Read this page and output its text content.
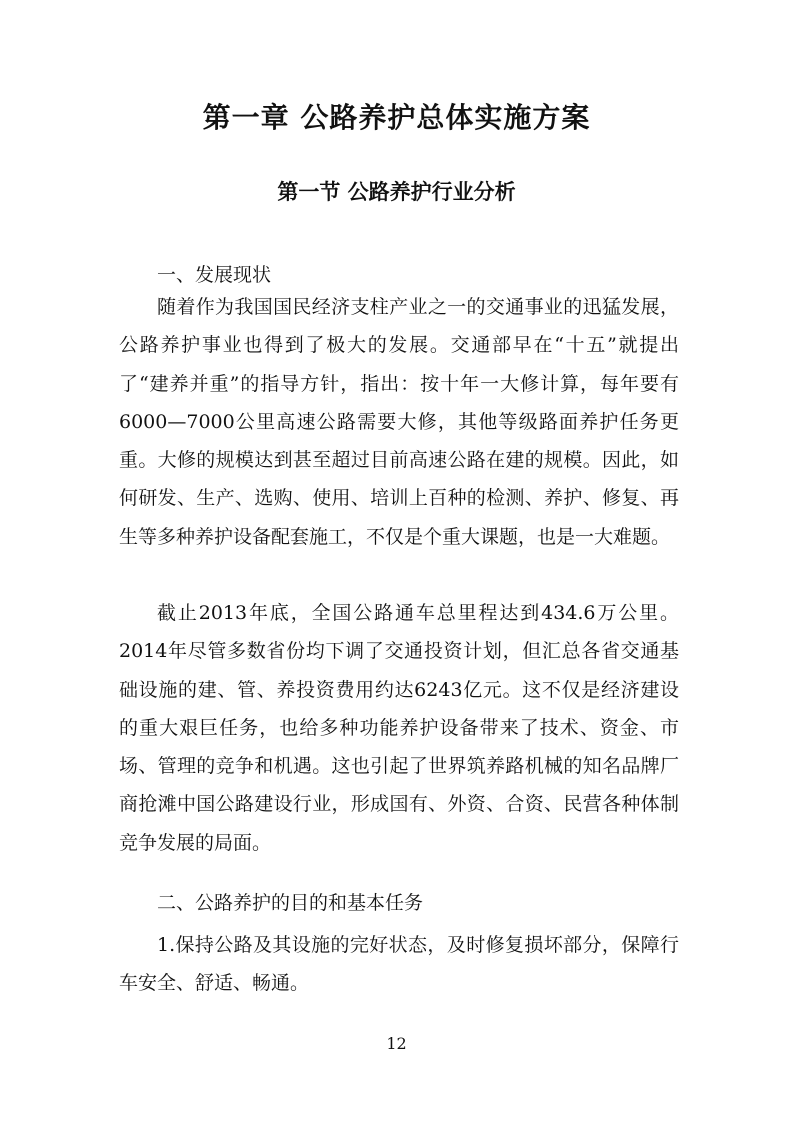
第一章 公路养护总体实施方案
第一节 公路养护行业分析

一、发展现状

随着作为我国国民经济支柱产业之一的交通事业的迅猛发展，公路养护事业也得到了极大的发展。交通部早在“十五”就提出了“建养并重”的指导方针，指出：按十年一大修计算，每年要有6000—7000公里高速公路需要大修，其他等级路面养护任务更重。大修的规模达到甚至超过目前高速公路在建的规模。因此，如何研发、生产、选购、使用、培训上百种的检测、养护、修复、再生等多种养护设备配套施工，不仅是个重大课题，也是一大难题。

截止2013年底，全国公路通车总里程达到434.6万公里。2014年尽管多数省份均下调了交通投资计划，但汇总各省交通基础设施的建、管、养投资费用约达6243亿元。这不仅是经济建设的重大艰巨任务，也给多种功能养护设备带来了技术、资金、市场、管理的竞争和机遇。这也引起了世界筑养路机械的知名品牌厂商抢滩中国公路建设行业，形成国有、外资、合资、民营各种体制竞争发展的局面。

二、公路养护的目的和基本任务

1.保持公路及其设施的完好状态，及时修复损坏部分，保障行车安全、舒适、畅通。

12
